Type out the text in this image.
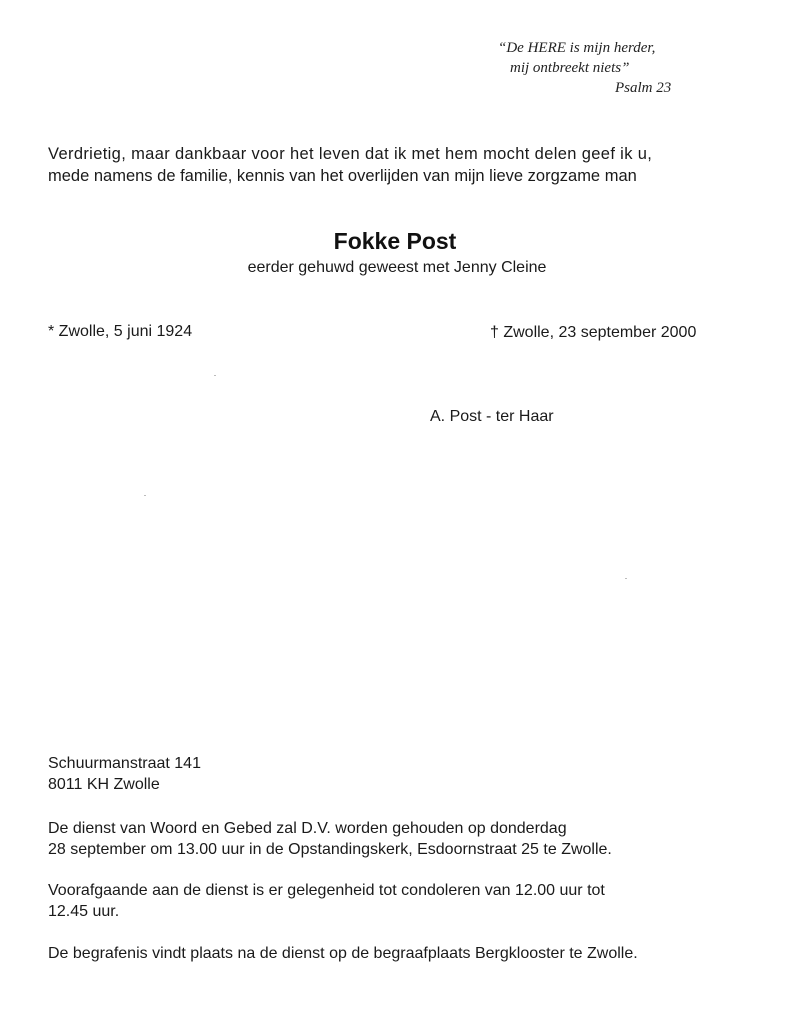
“De HERE is mijn herder,
mij ontbreekt niets”
Psalm 23
Verdrietig, maar dankbaar voor het leven dat ik met hem mocht delen geef ik u,
mede namens de familie, kennis van het overlijden van mijn lieve zorgzame man
Fokke Post
eerder gehuwd geweest met Jenny Cleine
* Zwolle, 5 juni 1924	† Zwolle, 23 september 2000
A. Post - ter Haar
Schuurmanstraat 141
8011 KH Zwolle
De dienst van Woord en Gebed zal D.V. worden gehouden op donderdag
28 september om 13.00 uur in de Opstandingskerk, Esdoornstraat 25 te Zwolle.
Voorafgaande aan de dienst is er gelegenheid tot condoleren van 12.00 uur tot
12.45 uur.
De begrafenis vindt plaats na de dienst op de begraafplaats Bergklooster te Zwolle.
